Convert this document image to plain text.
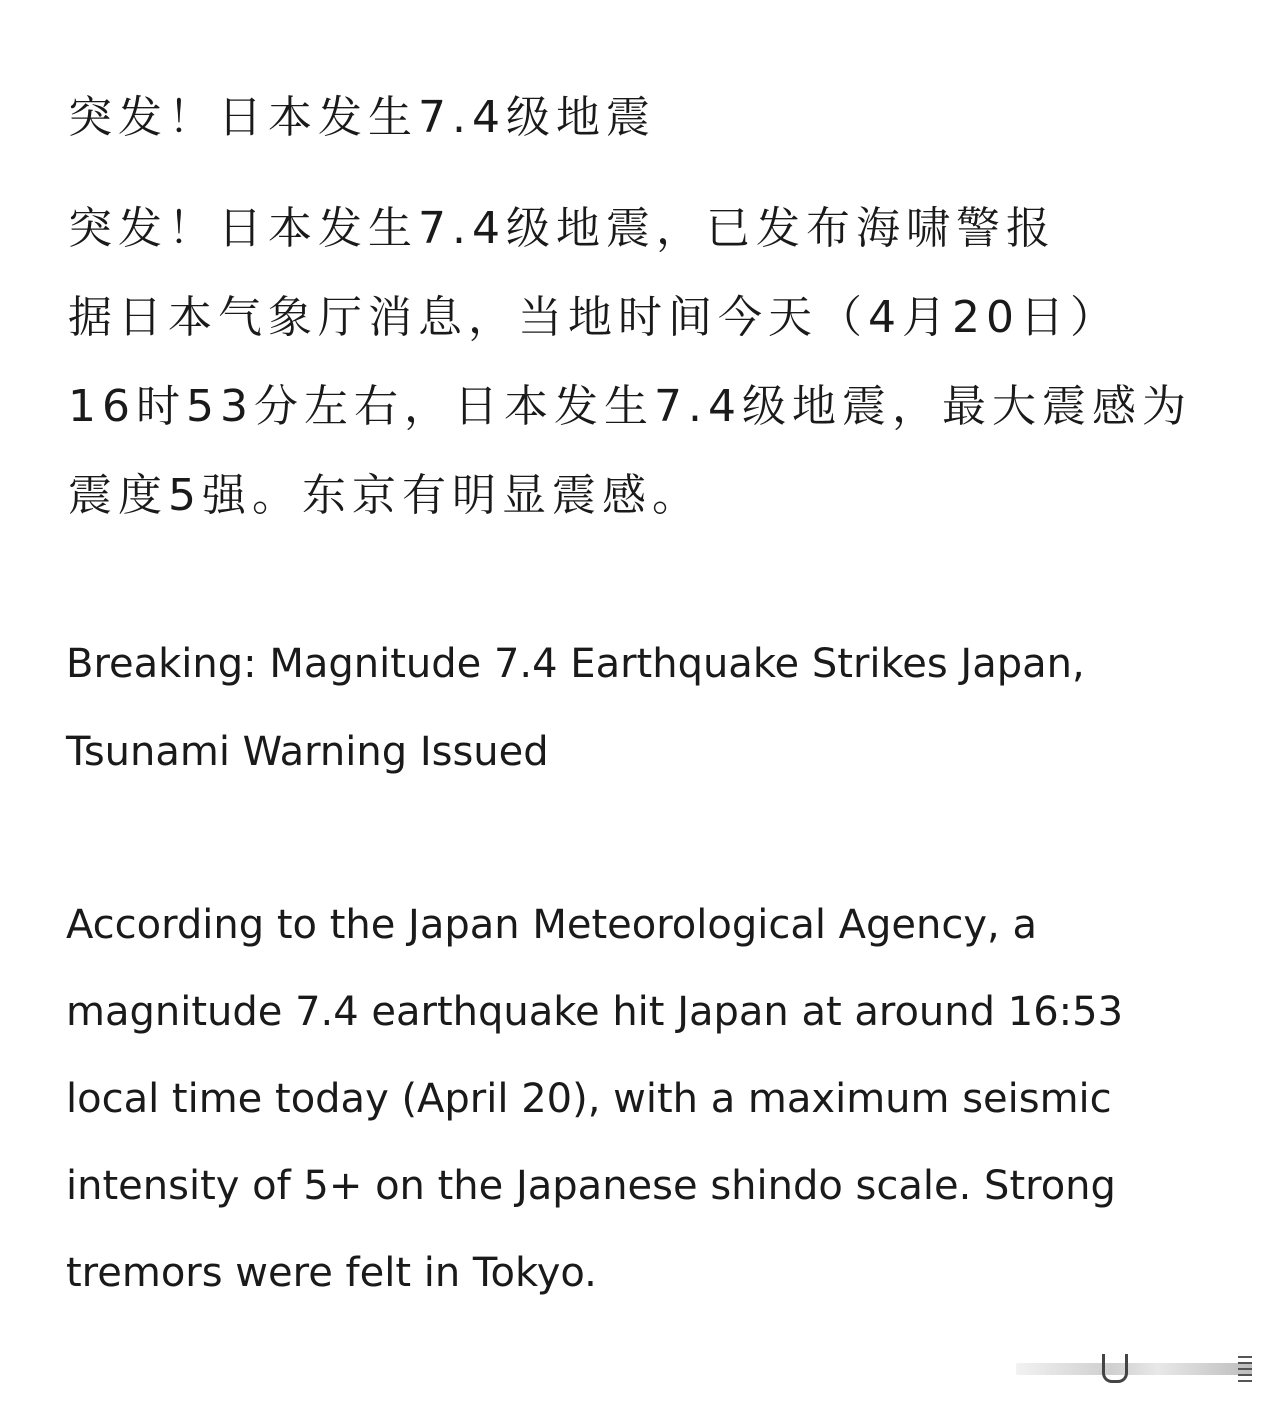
突发！日本发生7.4级地震
突发！日本发生7.4级地震，已发布海啸警报
据日本气象厅消息，当地时间今天（4月20日）
16时53分左右，日本发生7.4级地震，最大震感为
震度5强。东京有明显震感。
Breaking: Magnitude 7.4 Earthquake Strikes Japan,
Tsunami Warning Issued
According to the Japan Meteorological Agency, a
magnitude 7.4 earthquake hit Japan at around 16:53
local time today (April 20), with a maximum seismic
intensity of 5+ on the Japanese shindo scale. Strong
tremors were felt in Tokyo.
